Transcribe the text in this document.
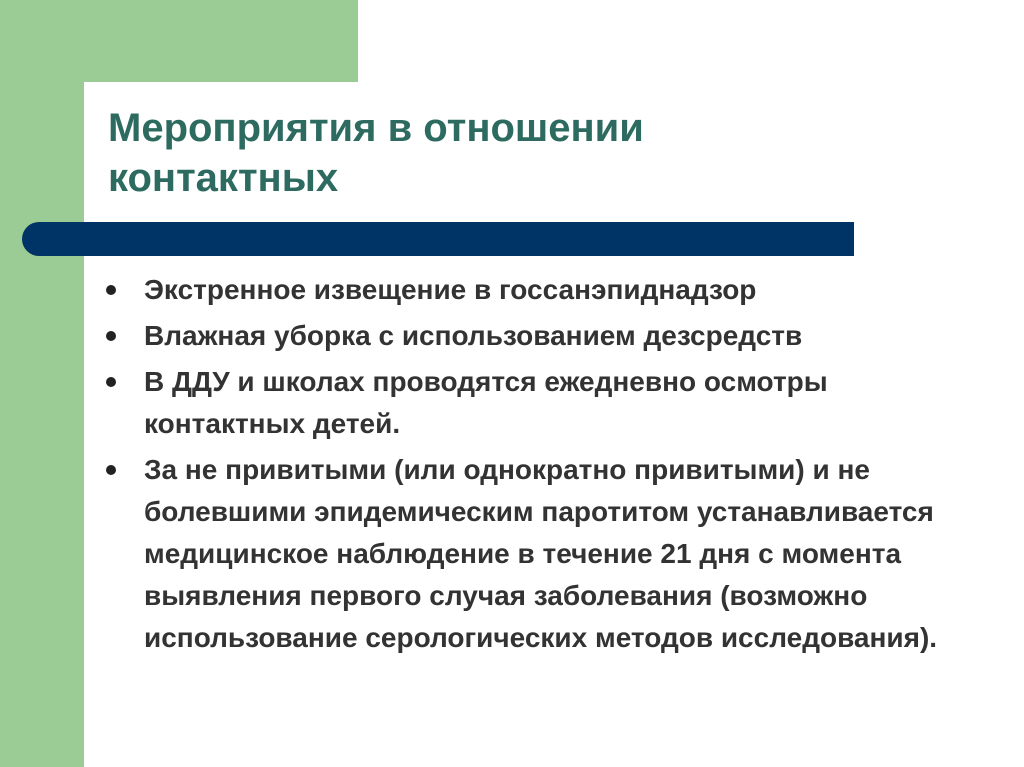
Мероприятия в отношении контактных
Экстренное извещение в госсанэпиднадзор
Влажная уборка с использованием дезсредств
В ДДУ и школах проводятся ежедневно осмотры контактных детей.
За не привитыми (или однократно привитыми) и не болевшими эпидемическим паротитом устанавливается медицинское наблюдение в течение 21 дня с момента выявления первого случая заболевания (возможно использование серологических методов исследования).
